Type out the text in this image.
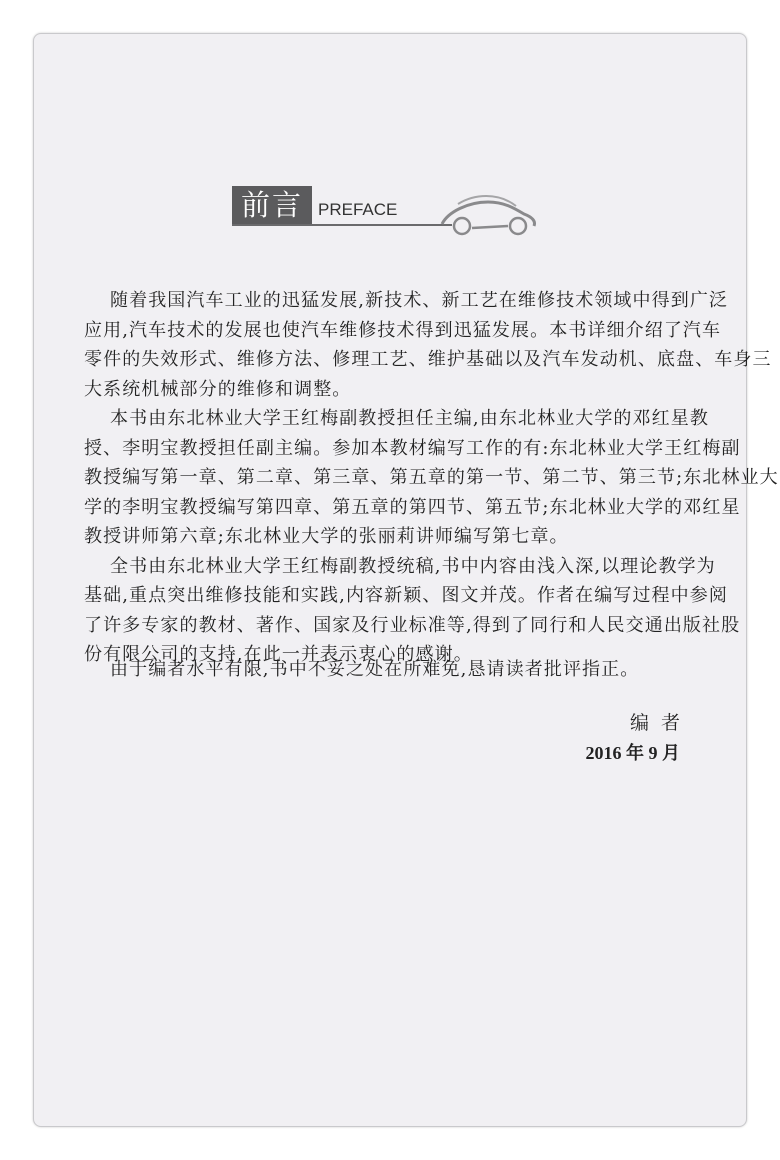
前言 PREFACE
随着我国汽车工业的迅猛发展,新技术、新工艺在维修技术领域中得到广泛
应用,汽车技术的发展也使汽车维修技术得到迅猛发展。本书详细介绍了汽车
零件的失效形式、维修方法、修理工艺、维护基础以及汽车发动机、底盘、车身三
大系统机械部分的维修和调整。
本书由东北林业大学王红梅副教授担任主编,由东北林业大学的邓红星教
授、李明宝教授担任副主编。参加本教材编写工作的有:东北林业大学王红梅副
教授编写第一章、第二章、第三章、第五章的第一节、第二节、第三节;东北林业大
学的李明宝教授编写第四章、第五章的第四节、第五节;东北林业大学的邓红星
教授讲师第六章;东北林业大学的张丽莉讲师编写第七章。
全书由东北林业大学王红梅副教授统稿,书中内容由浅入深,以理论教学为
基础,重点突出维修技能和实践,内容新颖、图文并茂。作者在编写过程中参阅
了许多专家的教材、著作、国家及行业标准等,得到了同行和人民交通出版社股
份有限公司的支持,在此一并表示衷心的感谢。
由于编者水平有限,书中不妥之处在所难免,恳请读者批评指正。
编者
2016 年 9 月
